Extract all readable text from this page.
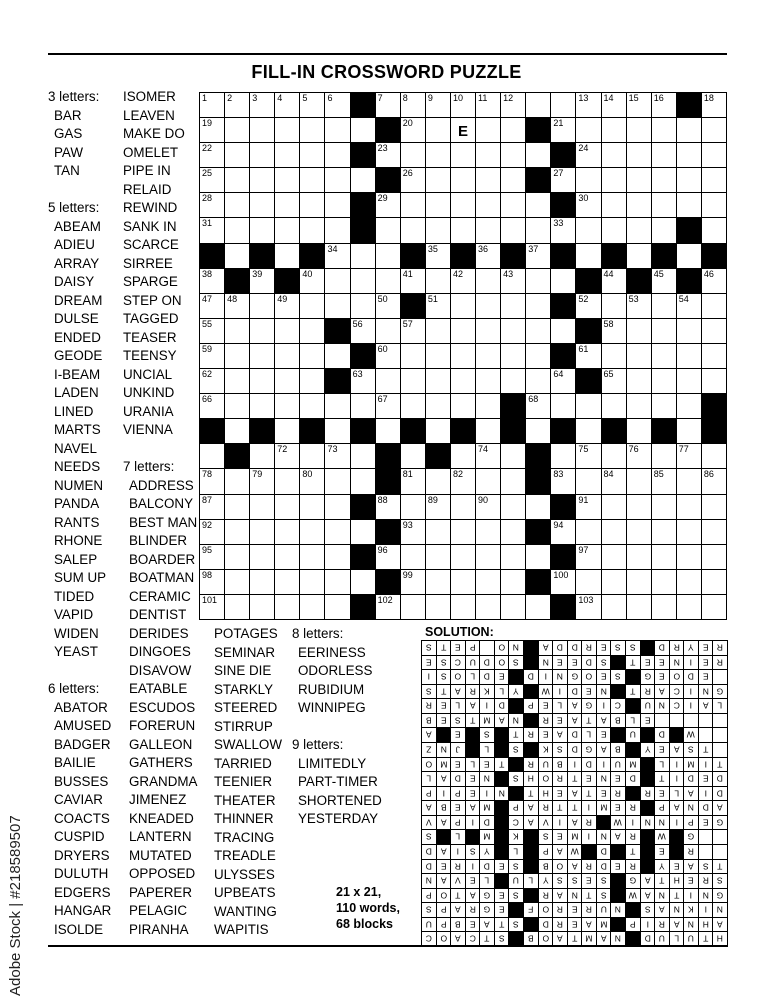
FILL-IN CROSSWORD PUZZLE
3 letters:
BAR
GAS
PAW
TAN

5 letters:
ABEAM
ADIEU
ARRAY
DAISY
DREAM
DULSE
ENDED
GEODE
I-BEAM
LADEN
LINED
MARTS
NAVEL
NEEDS
NUMEN
PANDA
RANTS
RHONE
SALEP
SUM UP
TIDED
VAPID
WIDEN
YEAST

6 letters:
ABATOR
AMUSED
BADGER
BAILIE
BUSSES
CAVIAR
COACTS
CUSPID
DRYERS
DULUTH
EDGERS
HANGAR
ISOLDE
ISOMER
LEAVEN
MAKE DO
OMELET
PIPE IN
RELAID
REWIND
SANK IN
SCARCE
SIRREE
SPARGE
STEP ON
TAGGED
TEASER
TEENSY
UNCIAL
UNKIND
URANIA
VIENNA

7 letters:
ADDRESS
BALCONY
BEST MAN
BLINDER
BOARDER
BOATMAN
CERAMIC
DENTIST
DERIDES
DINGOES
DISAVOW
EATABLE
ESCUDOS
FORERUN
GALLEON
GATHERS
GRANDMA
JIMENEZ
KNEADED
LANTERN
MUTATED
OPPOSED
PAPERER
PELAGIC
PIRANHA
POTAGES
SEMINAR
SINE DIE
STARKLY
STEERED
STIRRUP
SWALLOW
TARRIED
TEENIER
THEATER
THINNER
TRACING
TREADLE
ULYSSES
UPBEATS
WANTING
WAPITIS
8 letters:
EERINESS
ODORLESS
RUBIDIUM
WINNIPEG

9 letters:
LIMITEDLY
PART-TIMER
SHORTENED
YESTERDAY
1 2 3 4 5 6	7 8 9 10 11 12	13 14 15 16	18
19	20	E	21
22	23	24
25	26	27
28	29	30
31	33
34	35	36	37
38	39	40	41	42	43	44	45	46
47 48	49	50	51	52	53	54
55	56	57	58
59	60	61
62	63	64	65
66	67	68
72	73	74	75	76	77
78	79	80	81	82	83	84	85	86
87	88	89	90	91
92	93	94
95	96	97
98	99	100
101	102	103
SOLUTION:
S	T	E	P	O N	A	D D R	E	S	S	D R	Y	E	R
E	S	C U D O S	N	E	E	D	S	T	E	E	N	I	E	R
I	S O	L	D	E	D	I	N G O E	S	G E O D	E
S	T	A	R	K	L	Y	W	I	D	E	N	T	R	A	C	I	N G
R	E	L	A	I	D	P	E	L	A G	I	C	U N C	I	A	L
B	E	S	T M A	N	R	E	A	T	A	B	L	E
A	E	S	T	R	E	A	D	L	E	U	D	W
Z	N	J	L	S	K	S	D G A	B	Y	E	A	S	T
O M E	L	E	T	R U	B	I	D	I	U M	L	I	M	I	T
L	A	D	E	N	S	H O R	T	E	N	E	D	T	I	D	E	D
P	I	P	E	I	N	T	H	E	A	T	E	R	R	E	L	A	I	D
A	B	E	A M	P	A	R	T	T	I	M E	R	P	A	N D	A
V	A	P	I	D	C	A	V	I	A	R	W	I	N N	I	P	E G
S	L	M	K	S	E M	I	N	A	R	W	G
D	A	I	S	Y	L	P	A W	D	T	E	R
D	E	R	I	D	E	S	B O A	R D	E	R	Y	E	A	S	T
N	A	V	E	L	U	L	Y	S	S	E	S	G A	T	H	E	R	S
P O	T	A G E	S	R	A	N	T	S	W A	N	T	I	N G
S	P	A	R G E	F	O R	E	R U N	S	A	N	K	I	N
U	P	B	E	A	T	S	D R	E	A M	P	I	R	A	N H	A
C O A	C	T	S	B O A	T M A	N	D U	L	U	T	H
21 x 21,
110 words,
68 blocks
Adobe Stock | #218589507
